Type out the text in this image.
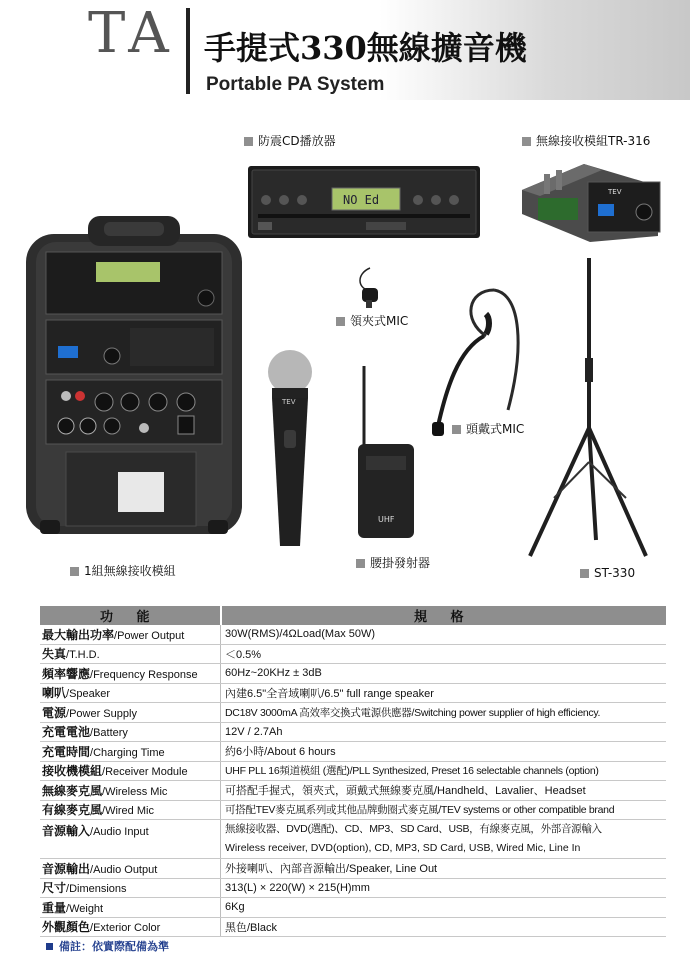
TA 手提式330無線擴音機
Portable PA System
防震CD播放器	無線接收模組TR-316
領夾式MIC
頭戴式MIC
1組無線接收模組
腰掛發射器
ST-330
NO Ed
TEV
TEV
UHF
功 能	規 格
最大輸出功率/Power Output	30W(RMS)/4ΩLoad(Max 50W)
失真/T.H.D.	＜0.5%
頻率響應/Frequency Response	60Hz~20KHz ± 3dB
喇叭/Speaker	內建6.5"全音域喇叭/6.5" full range speaker
電源/Power Supply	DC18V 3000mA 高效率交換式電源供應器/Switching power supplier of high efficiency.
充電電池/Battery	12V / 2.7Ah
充電時間/Charging Time	約6小時/About 6 hours
接收機模組/Receiver Module	UHF PLL 16頻道模組 (選配)/PLL Synthesized, Preset 16 selectable channels (option)
無線麥克風/Wireless Mic	可搭配手握式，領夾式，頭戴式無線麥克風/Handheld、Lavalier、Headset
有線麥克風/Wired Mic	可搭配TEV麥克風系列或其他品牌動圈式麥克風/TEV systems or other compatible brand
音源輸入/Audio Input	無線接收器、DVD(選配)、CD、MP3、SD Card、USB，有線麥克風，外部音源輸入
Wireless receiver, DVD(option), CD, MP3, SD Card, USB, Wired Mic, Line In

音源輸出/Audio Output	外接喇叭、內部音源輸出/Speaker, Line Out
尺寸/Dimensions	313(L) × 220(W) × 215(H)mm
重量/Weight	6Kg
外觀顏色/Exterior Color	黑色/Black
備註：依實際配備為準
